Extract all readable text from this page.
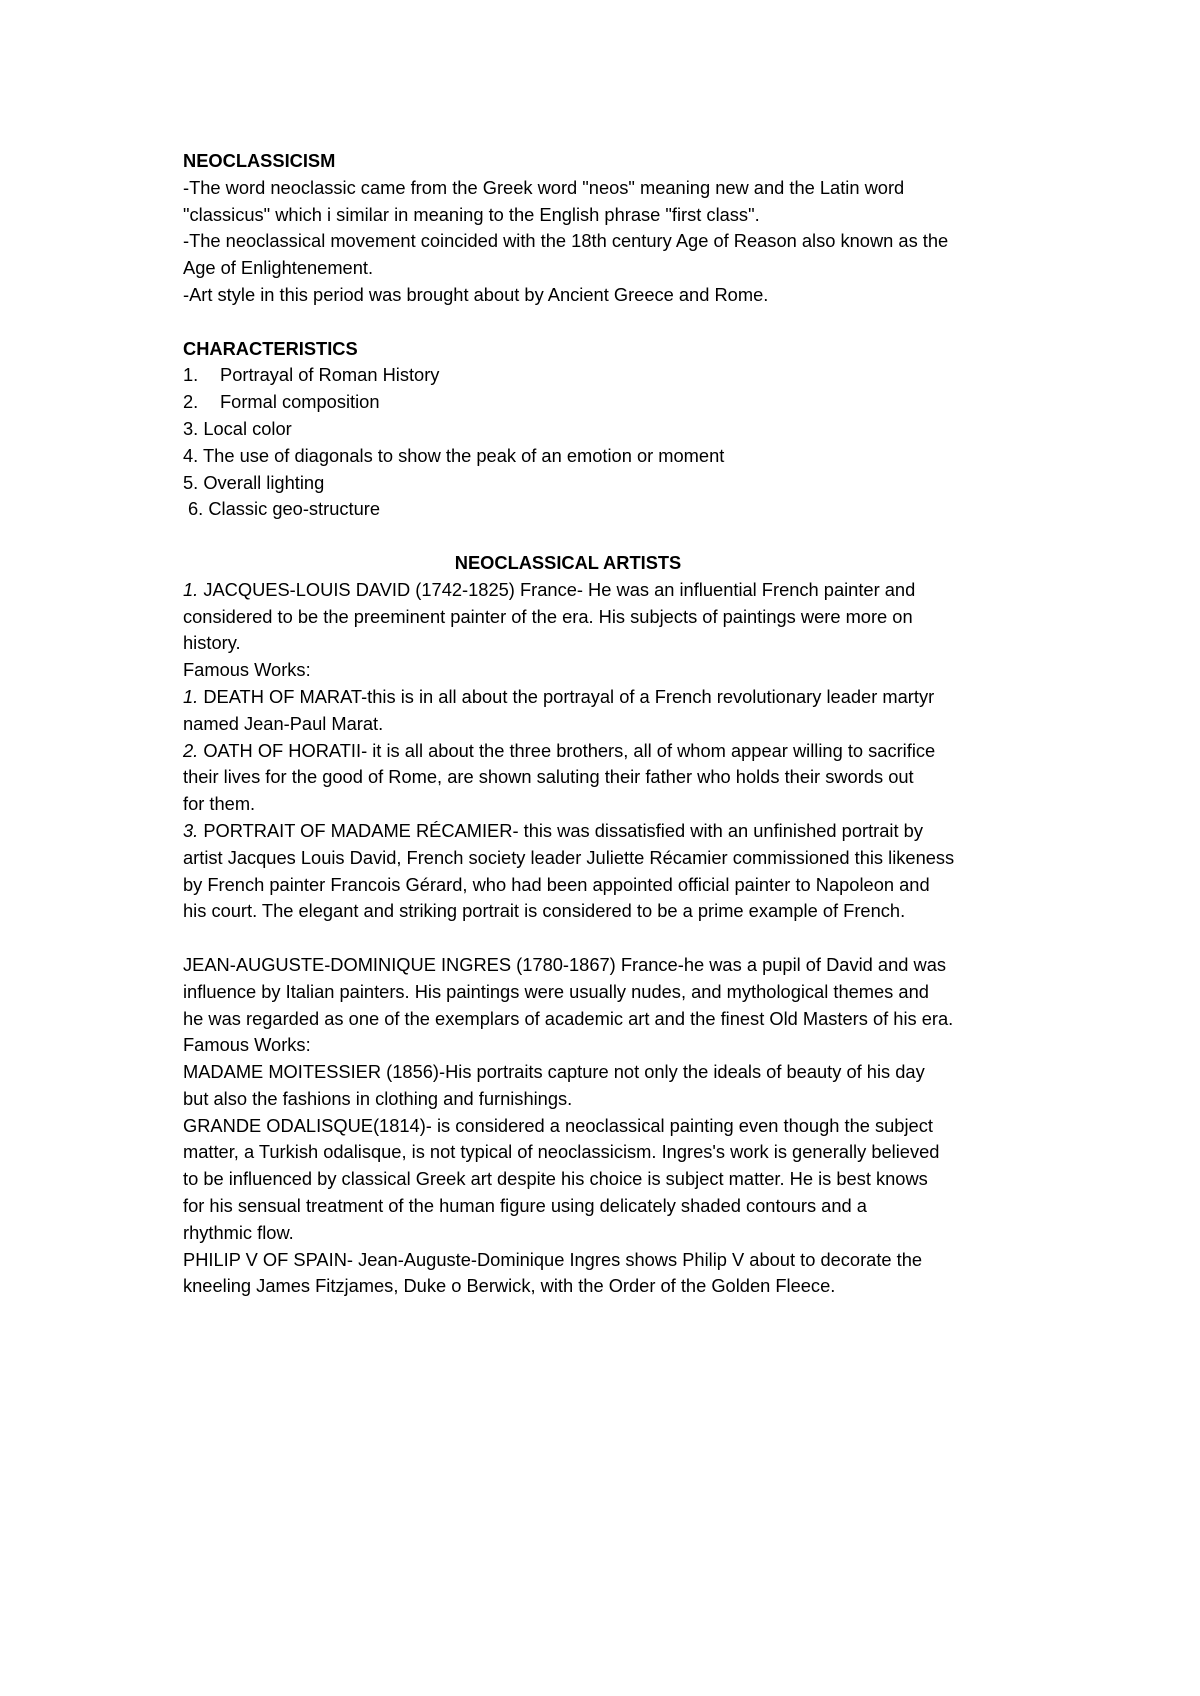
NEOCLASSICISM
-The word neoclassic came from the Greek word "neos" meaning new and the Latin word
"classicus" which i similar in meaning to the English phrase "first class".
-The neoclassical movement coincided with the 18th century Age of Reason also known as the
Age of Enlightenement.
-Art style in this period was brought about by Ancient Greece and Rome.
CHARACTERISTICS
1.	Portrayal of Roman History
2.	Formal composition
3. Local color
4. The use of diagonals to show the peak of an emotion or moment
5. Overall lighting
6. Classic geo-structure
NEOCLASSICAL ARTISTS
1. JACQUES-LOUIS DAVID (1742-1825) France- He was an influential French painter and
considered to be the preeminent painter of the era. His subjects of paintings were more on
history.
Famous Works:
1. DEATH OF MARAT-this is in all about the portrayal of a French revolutionary leader martyr
named Jean-Paul Marat.
2. OATH OF HORATII- it is all about the three brothers, all of whom appear willing to sacrifice
their lives for the good of Rome, are shown saluting their father who holds their swords out
for them.
3. PORTRAIT OF MADAME RÉCAMIER- this was dissatisfied with an unfinished portrait by
artist Jacques Louis David, French society leader Juliette Récamier commissioned this likeness
by French painter Francois Gérard, who had been appointed official painter to Napoleon and
his court. The elegant and striking portrait is considered to be a prime example of French.
JEAN-AUGUSTE-DOMINIQUE INGRES (1780-1867) France-he was a pupil of David and was
influence by Italian painters. His paintings were usually nudes, and mythological themes and
he was regarded as one of the exemplars of academic art and the finest Old Masters of his era.
Famous Works:
MADAME MOITESSIER (1856)-His portraits capture not only the ideals of beauty of his day
but also the fashions in clothing and furnishings.
GRANDE ODALISQUE(1814)- is considered a neoclassical painting even though the subject
matter, a Turkish odalisque, is not typical of neoclassicism. Ingres's work is generally believed
to be influenced by classical Greek art despite his choice is subject matter. He is best knows
for his sensual treatment of the human figure using delicately shaded contours and a
rhythmic flow.
PHILIP V OF SPAIN- Jean-Auguste-Dominique Ingres shows Philip V about to decorate the
kneeling James Fitzjames, Duke o Berwick, with the Order of the Golden Fleece.
